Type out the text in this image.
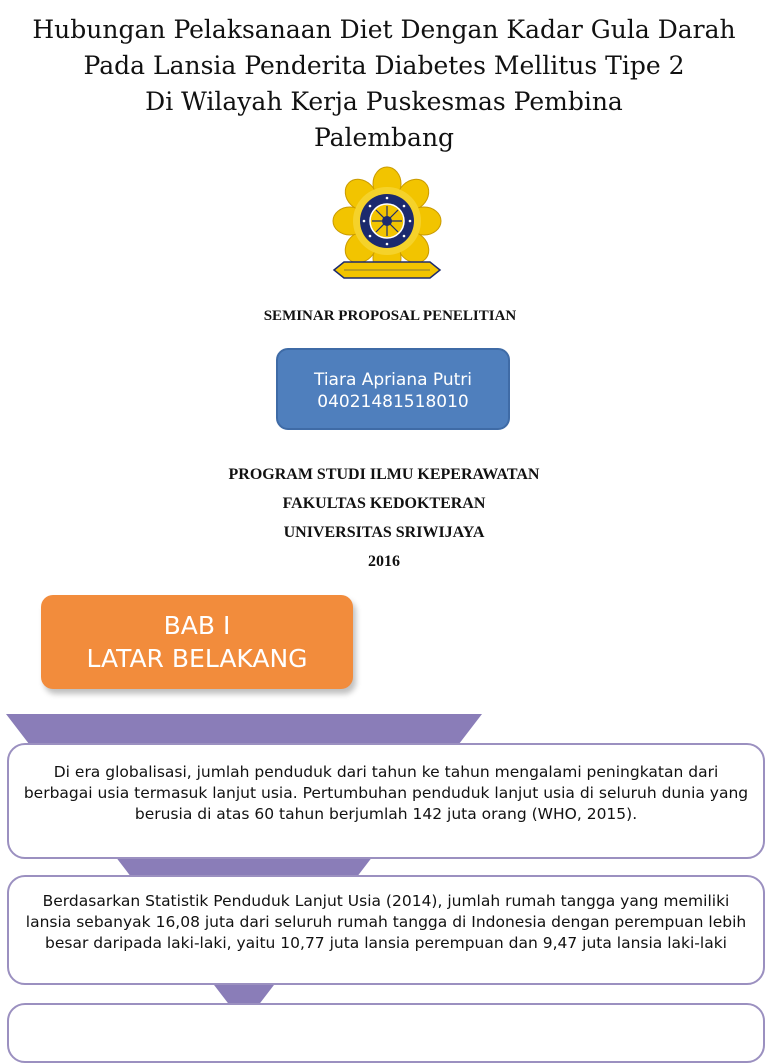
Hubungan Pelaksanaan Diet Dengan Kadar Gula Darah
Pada Lansia Penderita Diabetes Mellitus Tipe 2
Di Wilayah Kerja Puskesmas Pembina
Palembang
SEMINAR PROPOSAL PENELITIAN
Tiara Apriana Putri
04021481518010
PROGRAM STUDI ILMU KEPERAWATAN
FAKULTAS KEDOKTERAN
UNIVERSITAS SRIWIJAYA
2016
BAB I
LATAR BELAKANG
Di era globalisasi, jumlah penduduk dari tahun ke tahun mengalami peningkatan dari berbagai usia termasuk lanjut usia. Pertumbuhan penduduk lanjut usia di seluruh dunia yang berusia di atas 60 tahun berjumlah 142 juta orang (WHO, 2015).
Berdasarkan Statistik Penduduk Lanjut Usia (2014), jumlah rumah tangga yang memiliki lansia sebanyak 16,08 juta dari seluruh rumah tangga di Indonesia dengan perempuan lebih besar daripada laki-laki, yaitu 10,77 juta lansia perempuan dan 9,47 juta lansia laki-laki
